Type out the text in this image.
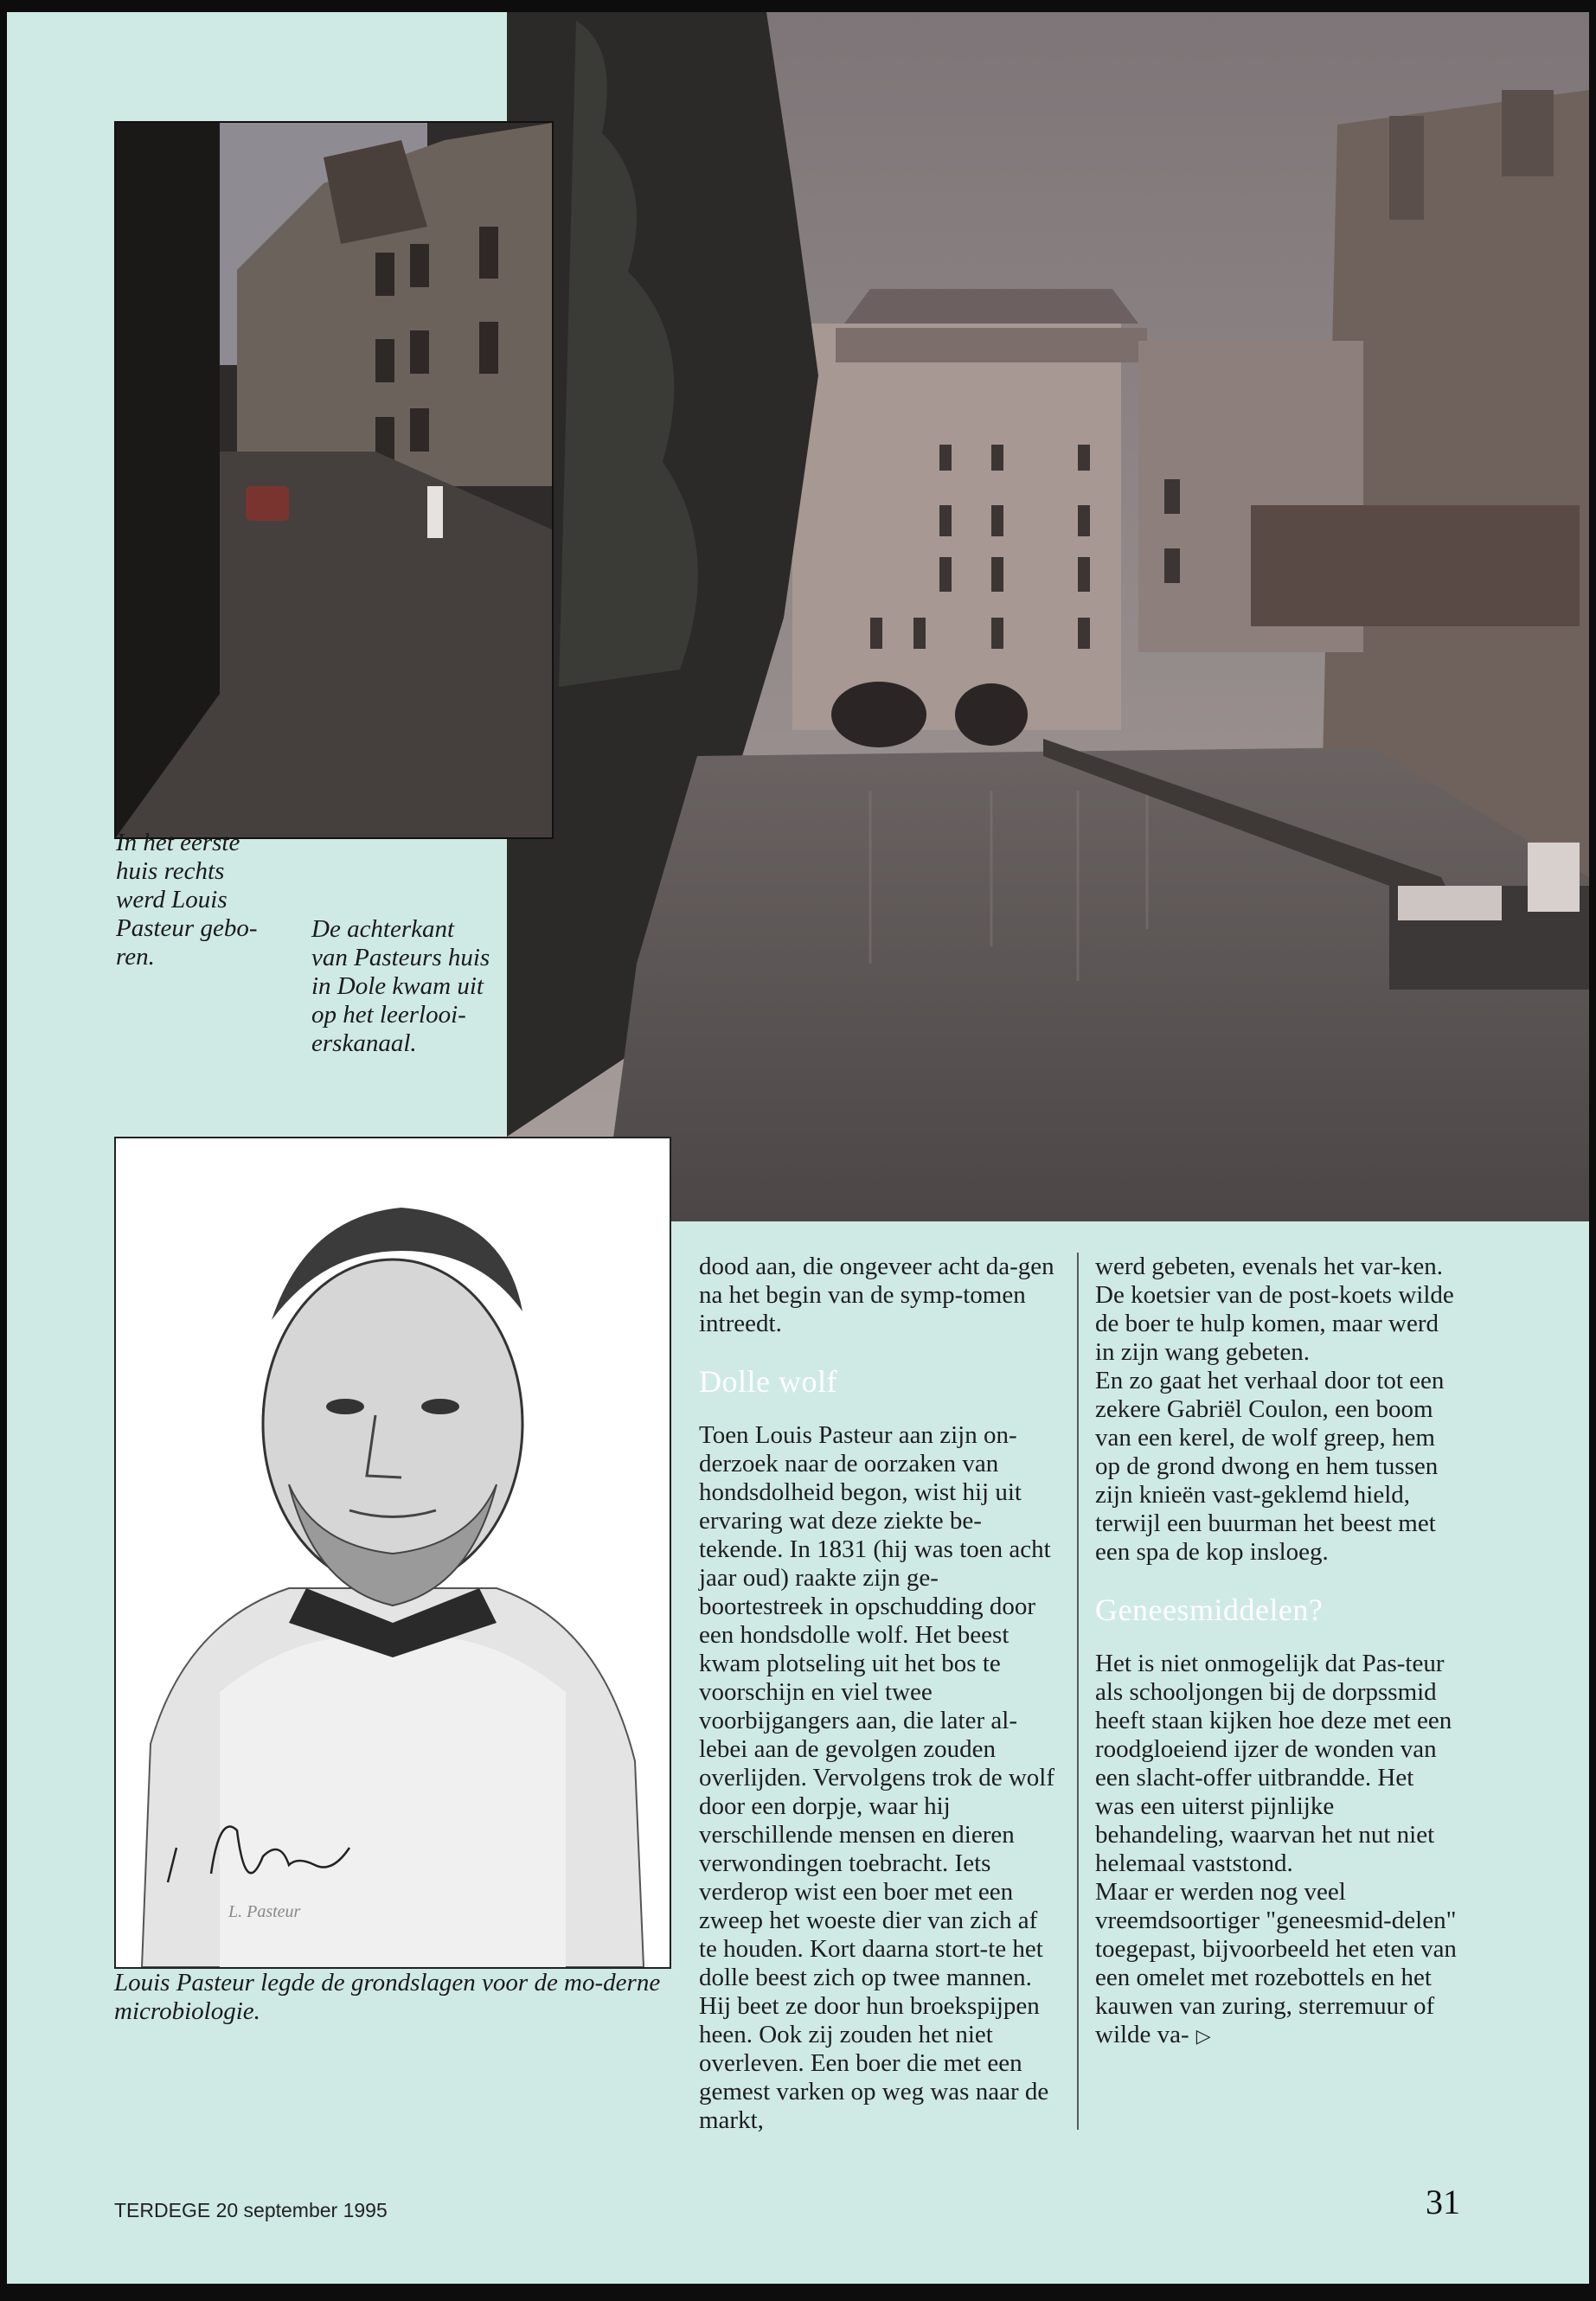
In het eerste huis rechts werd Louis Pasteur gebo-ren.

De achterkant van Pasteurs huis in Dole kwam uit op het leerlooi-erskanaal.

L. Pasteur

Louis Pasteur legde de grondslagen voor de mo-derne microbiologie.

dood aan, die ongeveer acht da-gen na het begin van de symp-tomen intreedt.

Dolle wolf

Toen Louis Pasteur aan zijn on-derzoek naar de oorzaken van hondsdolheid begon, wist hij uit ervaring wat deze ziekte be-tekende. In 1831 (hij was toen acht jaar oud) raakte zijn ge-boortestreek in opschudding door een hondsdolle wolf. Het beest kwam plotseling uit het bos te voorschijn en viel twee voorbijgangers aan, die later al-lebei aan de gevolgen zouden overlijden. Vervolgens trok de wolf door een dorpje, waar hij verschillende mensen en dieren verwondingen toebracht. Iets verderop wist een boer met een zweep het woeste dier van zich af te houden. Kort daarna stort-te het dolle beest zich op twee mannen. Hij beet ze door hun broekspijpen heen. Ook zij zouden het niet overleven. Een boer die met een gemest varken op weg was naar de markt,

werd gebeten, evenals het var-ken. De koetsier van de post-koets wilde de boer te hulp komen, maar werd in zijn wang gebeten.

En zo gaat het verhaal door tot een zekere Gabriël Coulon, een boom van een kerel, de wolf greep, hem op de grond dwong en hem tussen zijn knieën vast-geklemd hield, terwijl een buurman het beest met een spa de kop insloeg.

Geneesmiddelen?

Het is niet onmogelijk dat Pas-teur als schooljongen bij de dorpssmid heeft staan kijken hoe deze met een roodgloeiend ijzer de wonden van een slacht-offer uitbrandde. Het was een uiterst pijnlijke behandeling, waarvan het nut niet helemaal vaststond.

Maar er werden nog veel vreemdsoortiger "geneesmid-delen" toegepast, bijvoorbeeld het eten van een omelet met rozebottels en het kauwen van zuring, sterremuur of wilde va- ▷

TERDEGE 20 september 1995	31
